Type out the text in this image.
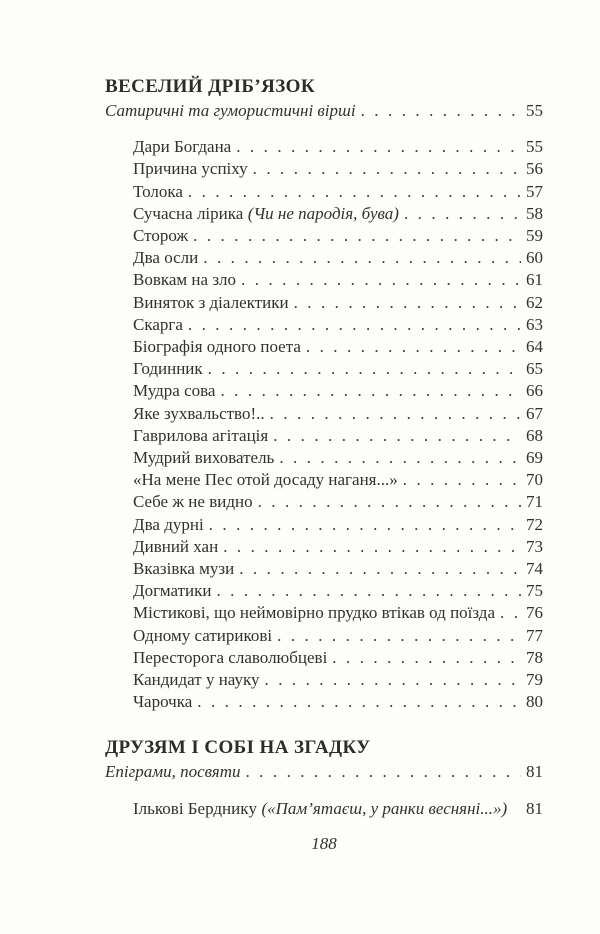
ВЕСЕЛИЙ ДРІБ’ЯЗОК
Сатиричні та гумористичні вірші . . .	55
Дари Богдана . . .	55
Причина успіху . . .	56
Толока . . .	57
Сучасна лірика (Чи не пародія, бува) . . .	58
Сторож . . .	59
Два осли . . .	60
Вовкам на зло . . .	61
Виняток з діалектики . . .	62
Скарга . . .	63
Біографія одного поета . . .	64
Годинник . . .	65
Мудра сова . . .	66
Яке зухвальство!.. . . .	67
Гаврилова агітація . . .	68
Мудрий вихователь . . .	69
«На мене Пес отой досаду наганя...» . . .	70
Себе ж не видно . . .	71
Два дурні . . .	72
Дивний хан . . .	73
Вказівка музи . . .	74
Догматики . . .	75
Містикові, що неймовірно прудко втікав од поїзда . . . 76
Одному сатирикові . . .	77
Пересторога славолюбцеві . . .	78
Кандидат у науку . . .	79
Чарочка . . .	80
ДРУЗЯМ І СОБІ НА ЗГАДКУ
Епіграми, посвяти . . .	81
Ількові Бердникy («Пам’ятаєш, у ранки весняні...») 81
188
